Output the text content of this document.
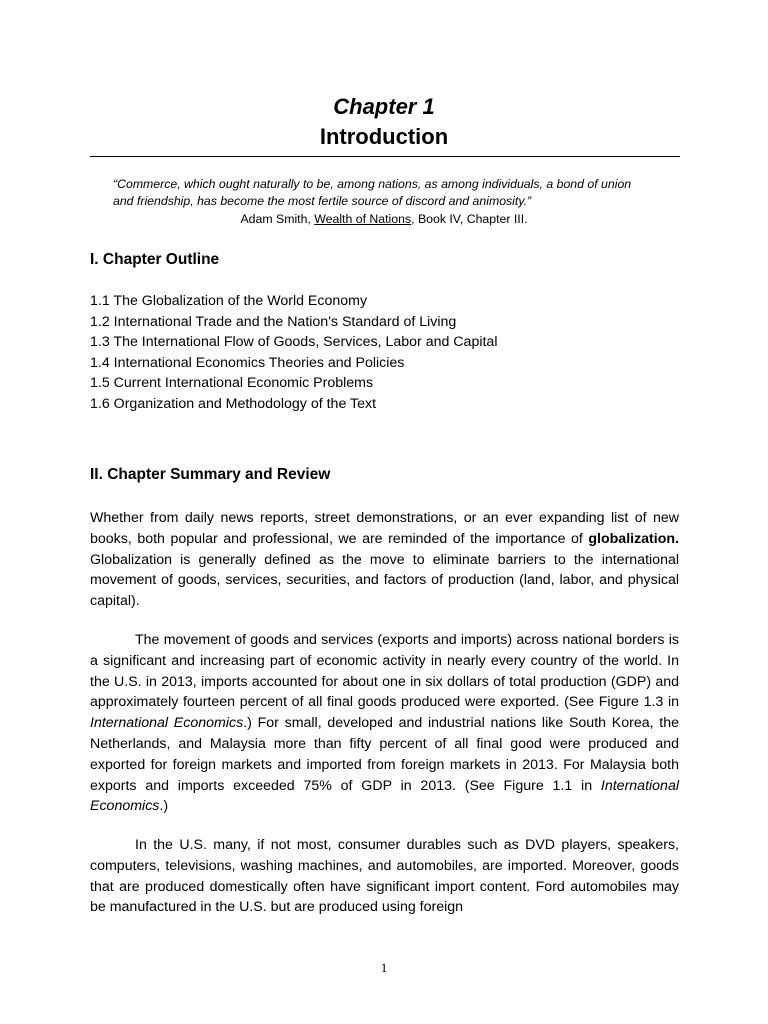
Chapter 1
Introduction
“Commerce, which ought naturally to be, among nations, as among individuals, a bond of union
and friendship, has become the most fertile source of discord and animosity.”
Adam Smith, Wealth of Nations, Book IV, Chapter III.
I. Chapter Outline
1.1 The Globalization of the World Economy
1.2 International Trade and the Nation's Standard of Living
1.3 The International Flow of Goods, Services, Labor and Capital
1.4 International Economics Theories and Policies
1.5 Current International Economic Problems
1.6 Organization and Methodology of the Text
II. Chapter Summary and Review

Whether from daily news reports, street demonstrations, or an ever expanding list of new books, both popular and professional, we are reminded of the importance of globalization. Globalization is generally defined as the move to eliminate barriers to the international movement of goods, services, securities, and factors of production (land, labor, and physical capital).

The movement of goods and services (exports and imports) across national borders is a significant and increasing part of economic activity in nearly every country of the world. In the U.S. in 2013, imports accounted for about one in six dollars of total production (GDP) and approximately fourteen percent of all final goods produced were exported. (See Figure 1.3 in International Economics.) For small, developed and industrial nations like South Korea, the Netherlands, and Malaysia more than fifty percent of all final good were produced and exported for foreign markets and imported from foreign markets in 2013. For Malaysia both exports and imports exceeded 75% of GDP in 2013. (See Figure 1.1 in International Economics.)

In the U.S. many, if not most, consumer durables such as DVD players, speakers, computers, televisions, washing machines, and automobiles, are imported. Moreover, goods that are produced domestically often have significant import content. Ford automobiles may be manufactured in the U.S. but are produced using foreign

1
